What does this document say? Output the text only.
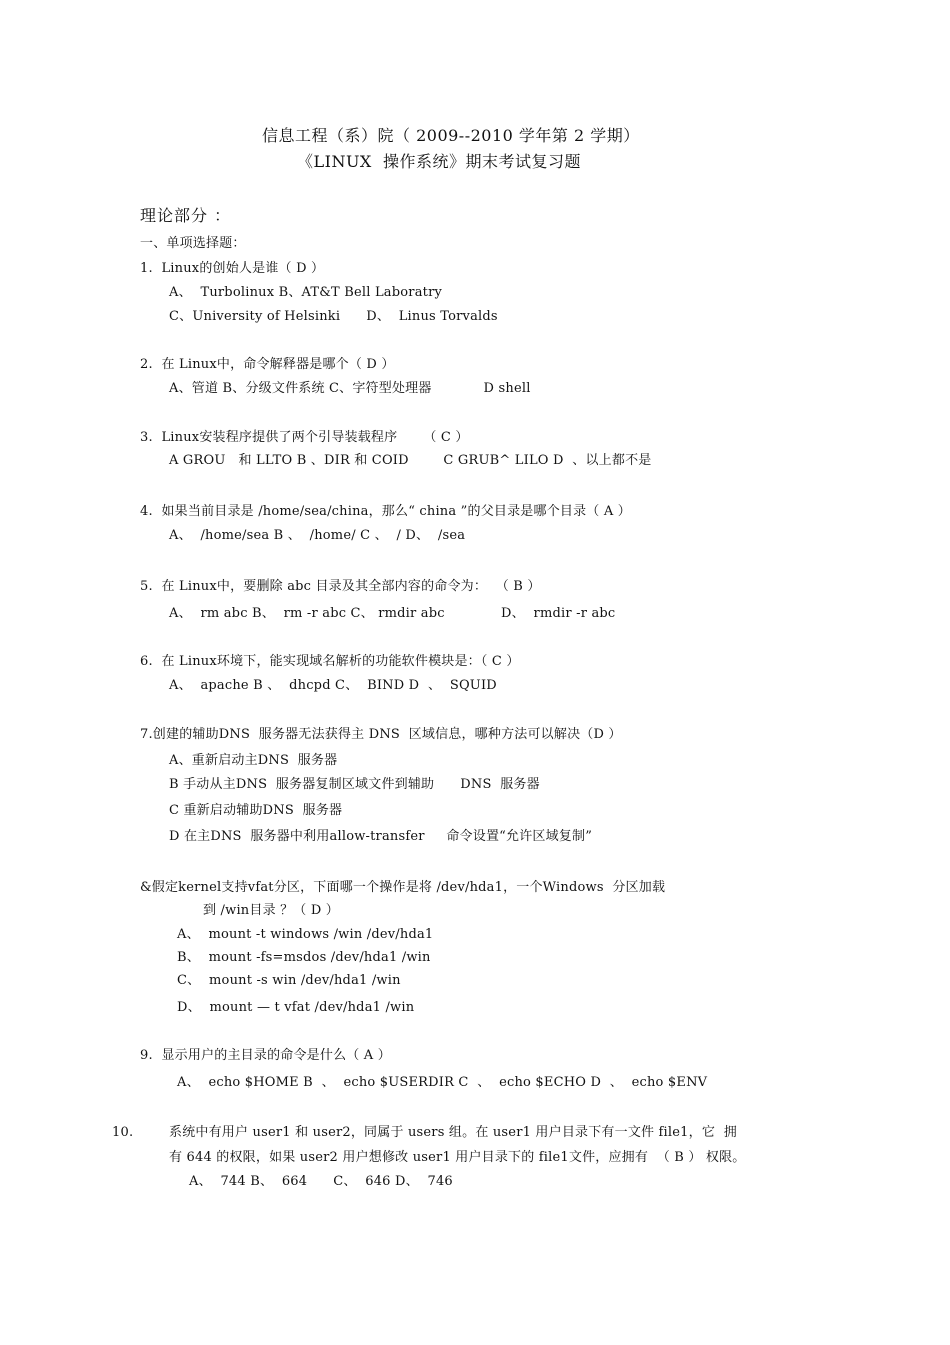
信息工程（系）院（ 2009--2010 学年第 2 学期）
《LINUX  操作系统》期末考试复习题
理论部分 ：
一、单项选择题：
1.  Linux的创始人是谁（ D ）
A、  Turbolinux B、AT&T Bell Laboratry
C、University of Helsinki      D、  Linus Torvalds
2.  在 Linux中，命令解释器是哪个（ D ）
A、管道 B、分级文件系统 C、字符型处理器            D shell
3.  Linux安装程序提供了两个引导装载程序      （ C ）
A GROU   和 LLTO B 、DIR 和 COID        C GRUB^ LILO D  、以上都不是
4.  如果当前目录是 /home/sea/china，那么“ china ”的父目录是哪个目录（ A ）
A、  /home/sea B 、  /home/ C 、  / D、  /sea
5.  在 Linux中，要删除 abc 目录及其全部内容的命令为：  （ B ）
A、  rm abc B、  rm -r abc C、 rmdir abc             D、  rmdir -r abc
6.  在 Linux环境下，能实现域名解析的功能软件模块是：（ C ）
A、  apache B 、  dhcpd C、  BIND D  、  SQUID
7.创建的辅助DNS  服务器无法获得主 DNS  区域信息，哪种方法可以解决（D ）
A、重新启动主DNS  服务器
B 手动从主DNS  服务器复制区域文件到辅助      DNS  服务器
C 重新启动辅助DNS  服务器
D 在主DNS  服务器中利用allow-transfer     命令设置“允许区域复制”
&假定kernel支持vfat分区，下面哪一个操作是将 /dev/hda1，一个Windows  分区加载
到 /win目录 ？（ D ）
A、  mount -t windows /win /dev/hda1
B、  mount -fs=msdos /dev/hda1 /win
C、  mount -s win /dev/hda1 /win
D、  mount — t vfat /dev/hda1 /win
9.  显示用户的主目录的命令是什么（ A ）
A、  echo $HOME B  、  echo $USERDIR C  、  echo $ECHO D  、  echo $ENV
10.	系统中有用户 user1 和 user2，同属于 users 组。在 user1 用户目录下有一文件 file1，它  拥
有 644 的权限，如果 user2 用户想修改 user1 用户目录下的 file1文件，应拥有  （ B ） 权限。
A、  744 B、  664      C、  646 D、  746
